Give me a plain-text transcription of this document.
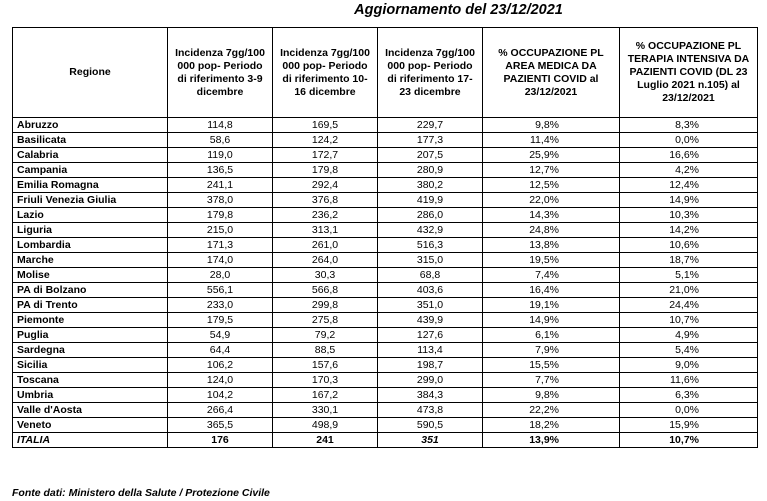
Aggiornamento del 23/12/2021
Regione	Incidenza 7gg/100 000 pop- Periodo di riferimento 3-9 dicembre	Incidenza 7gg/100 000 pop- Periodo di riferimento 10-16 dicembre	Incidenza 7gg/100 000 pop- Periodo di riferimento 17-23 dicembre	% OCCUPAZIONE PL AREA MEDICA DA PAZIENTI COVID al 23/12/2021	% OCCUPAZIONE PL TERAPIA INTENSIVA DA PAZIENTI COVID (DL 23 Luglio 2021 n.105) al 23/12/2021
Abruzzo	114,8	169,5	229,7	9,8%	8,3%
Basilicata	58,6	124,2	177,3	11,4%	0,0%
Calabria	119,0	172,7	207,5	25,9%	16,6%
Campania	136,5	179,8	280,9	12,7%	4,2%
Emilia Romagna	241,1	292,4	380,2	12,5%	12,4%
Friuli Venezia Giulia	378,0	376,8	419,9	22,0%	14,9%
Lazio	179,8	236,2	286,0	14,3%	10,3%
Liguria	215,0	313,1	432,9	24,8%	14,2%
Lombardia	171,3	261,0	516,3	13,8%	10,6%
Marche	174,0	264,0	315,0	19,5%	18,7%
Molise	28,0	30,3	68,8	7,4%	5,1%
PA di Bolzano	556,1	566,8	403,6	16,4%	21,0%
PA di Trento	233,0	299,8	351,0	19,1%	24,4%
Piemonte	179,5	275,8	439,9	14,9%	10,7%
Puglia	54,9	79,2	127,6	6,1%	4,9%
Sardegna	64,4	88,5	113,4	7,9%	5,4%
Sicilia	106,2	157,6	198,7	15,5%	9,0%
Toscana	124,0	170,3	299,0	7,7%	11,6%
Umbria	104,2	167,2	384,3	9,8%	6,3%
Valle d'Aosta	266,4	330,1	473,8	22,2%	0,0%
Veneto	365,5	498,9	590,5	18,2%	15,9%
ITALIA	176	241	351	13,9%	10,7%
Fonte dati: Ministero della Salute / Protezione Civile
